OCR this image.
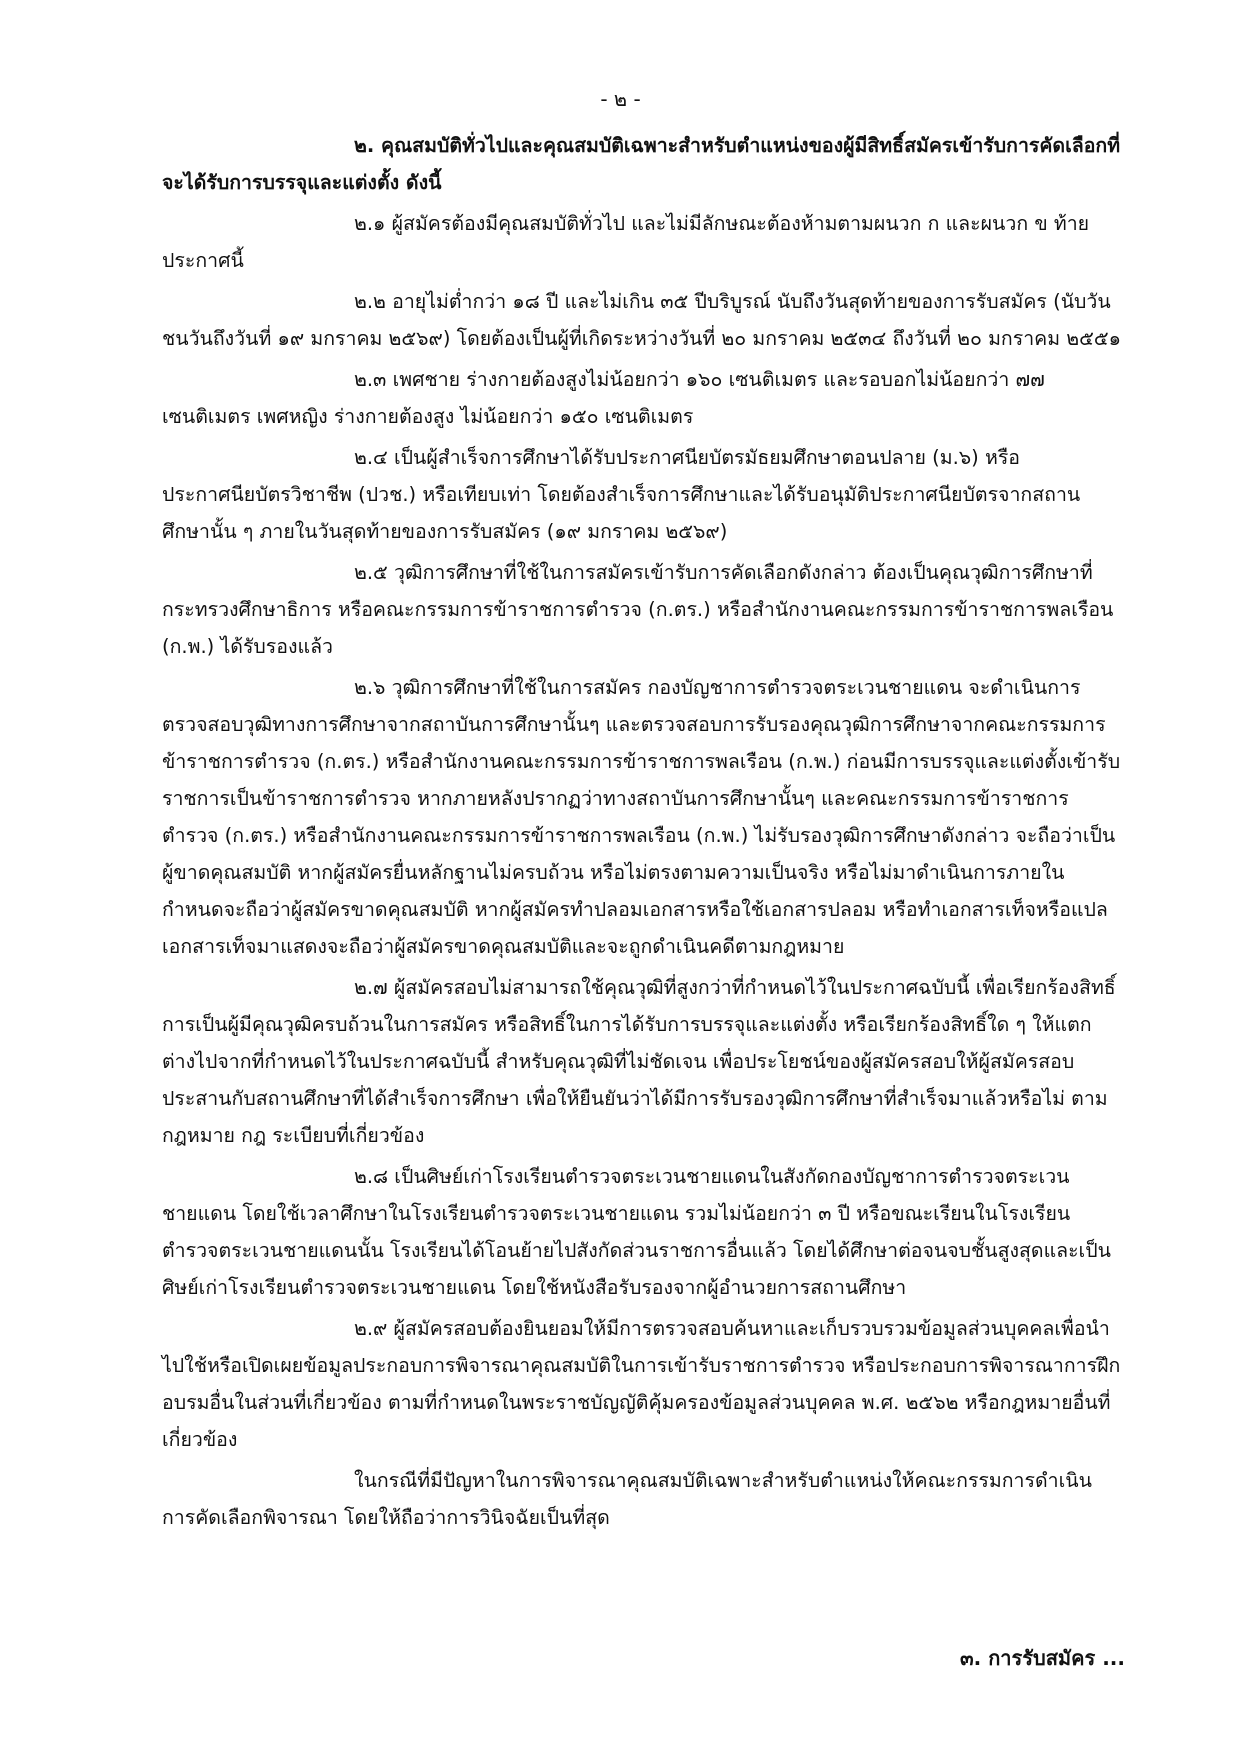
- ๒ -

๒. คุณสมบัติทั่วไปและคุณสมบัติเฉพาะสำหรับตำแหน่งของผู้มีสิทธิ์สมัครเข้ารับการคัดเลือกที่จะได้รับการบรรจุและแต่งตั้ง ดังนี้

๒.๑ ผู้สมัครต้องมีคุณสมบัติทั่วไป และไม่มีลักษณะต้องห้ามตามผนวก ก และผนวก ข ท้ายประกาศนี้

๒.๒ อายุไม่ต่ำกว่า ๑๘ ปี และไม่เกิน ๓๕ ปีบริบูรณ์ นับถึงวันสุดท้ายของการรับสมัคร (นับวันชนวันถึงวันที่ ๑๙ มกราคม ๒๕๖๙) โดยต้องเป็นผู้ที่เกิดระหว่างวันที่ ๒๐ มกราคม ๒๕๓๔ ถึงวันที่ ๒๐ มกราคม ๒๕๕๑

๒.๓ เพศชาย ร่างกายต้องสูงไม่น้อยกว่า ๑๖๐ เซนติเมตร และรอบอกไม่น้อยกว่า ๗๗ เซนติเมตร เพศหญิง ร่างกายต้องสูง ไม่น้อยกว่า ๑๕๐ เซนติเมตร

๒.๔ เป็นผู้สำเร็จการศึกษาได้รับประกาศนียบัตรมัธยมศึกษาตอนปลาย (ม.๖) หรือประกาศนียบัตรวิชาชีพ (ปวช.) หรือเทียบเท่า โดยต้องสำเร็จการศึกษาและได้รับอนุมัติประกาศนียบัตรจากสถานศึกษานั้น ๆ ภายในวันสุดท้ายของการรับสมัคร (๑๙ มกราคม ๒๕๖๙)

๒.๕ วุฒิการศึกษาที่ใช้ในการสมัครเข้ารับการคัดเลือกดังกล่าว ต้องเป็นคุณวุฒิการศึกษาที่กระทรวงศึกษาธิการ หรือคณะกรรมการข้าราชการตำรวจ (ก.ตร.) หรือสำนักงานคณะกรรมการข้าราชการพลเรือน (ก.พ.) ได้รับรองแล้ว

๒.๖ วุฒิการศึกษาที่ใช้ในการสมัคร กองบัญชาการตำรวจตระเวนชายแดน จะดำเนินการตรวจสอบวุฒิทางการศึกษาจากสถาบันการศึกษานั้นๆ และตรวจสอบการรับรองคุณวุฒิการศึกษาจากคณะกรรมการข้าราชการตำรวจ (ก.ตร.) หรือสำนักงานคณะกรรมการข้าราชการพลเรือน (ก.พ.) ก่อนมีการบรรจุและแต่งตั้งเข้ารับราชการเป็นข้าราชการตำรวจ หากภายหลังปรากฏว่าทางสถาบันการศึกษานั้นๆ และคณะกรรมการข้าราชการตำรวจ (ก.ตร.) หรือสำนักงานคณะกรรมการข้าราชการพลเรือน (ก.พ.) ไม่รับรองวุฒิการศึกษาดังกล่าว จะถือว่าเป็นผู้ขาดคุณสมบัติ หากผู้สมัครยื่นหลักฐานไม่ครบถ้วน หรือไม่ตรงตามความเป็นจริง หรือไม่มาดำเนินการภายในกำหนดจะถือว่าผู้สมัครขาดคุณสมบัติ หากผู้สมัครทำปลอมเอกสารหรือใช้เอกสารปลอม หรือทำเอกสารเท็จหรือแปลเอกสารเท็จมาแสดงจะถือว่าผู้สมัครขาดคุณสมบัติและจะถูกดำเนินคดีตามกฎหมาย

๒.๗ ผู้สมัครสอบไม่สามารถใช้คุณวุฒิที่สูงกว่าที่กำหนดไว้ในประกาศฉบับนี้ เพื่อเรียกร้องสิทธิ์การเป็นผู้มีคุณวุฒิครบถ้วนในการสมัคร หรือสิทธิ์ในการได้รับการบรรจุและแต่งตั้ง หรือเรียกร้องสิทธิ์ใด ๆ ให้แตกต่างไปจากที่กำหนดไว้ในประกาศฉบับนี้ สำหรับคุณวุฒิที่ไม่ชัดเจน เพื่อประโยชน์ของผู้สมัครสอบให้ผู้สมัครสอบประสานกับสถานศึกษาที่ได้สำเร็จการศึกษา เพื่อให้ยืนยันว่าได้มีการรับรองวุฒิการศึกษาที่สำเร็จมาแล้วหรือไม่ ตามกฎหมาย กฎ ระเบียบที่เกี่ยวข้อง

๒.๘ เป็นศิษย์เก่าโรงเรียนตำรวจตระเวนชายแดนในสังกัดกองบัญชาการตำรวจตระเวนชายแดน โดยใช้เวลาศึกษาในโรงเรียนตำรวจตระเวนชายแดน รวมไม่น้อยกว่า ๓ ปี หรือขณะเรียนในโรงเรียนตำรวจตระเวนชายแดนนั้น โรงเรียนได้โอนย้ายไปสังกัดส่วนราชการอื่นแล้ว โดยได้ศึกษาต่อจนจบชั้นสูงสุดและเป็นศิษย์เก่าโรงเรียนตำรวจตระเวนชายแดน โดยใช้หนังสือรับรองจากผู้อำนวยการสถานศึกษา

๒.๙ ผู้สมัครสอบต้องยินยอมให้มีการตรวจสอบค้นหาและเก็บรวบรวมข้อมูลส่วนบุคคลเพื่อนำไปใช้หรือเปิดเผยข้อมูลประกอบการพิจารณาคุณสมบัติในการเข้ารับราชการตำรวจ หรือประกอบการพิจารณาการฝึกอบรมอื่นในส่วนที่เกี่ยวข้อง ตามที่กำหนดในพระราชบัญญัติคุ้มครองข้อมูลส่วนบุคคล พ.ศ. ๒๕๖๒ หรือกฎหมายอื่นที่เกี่ยวข้อง

ในกรณีที่มีปัญหาในการพิจารณาคุณสมบัติเฉพาะสำหรับตำแหน่งให้คณะกรรมการดำเนินการคัดเลือกพิจารณา โดยให้ถือว่าการวินิจฉัยเป็นที่สุด

๓. การรับสมัคร ...
